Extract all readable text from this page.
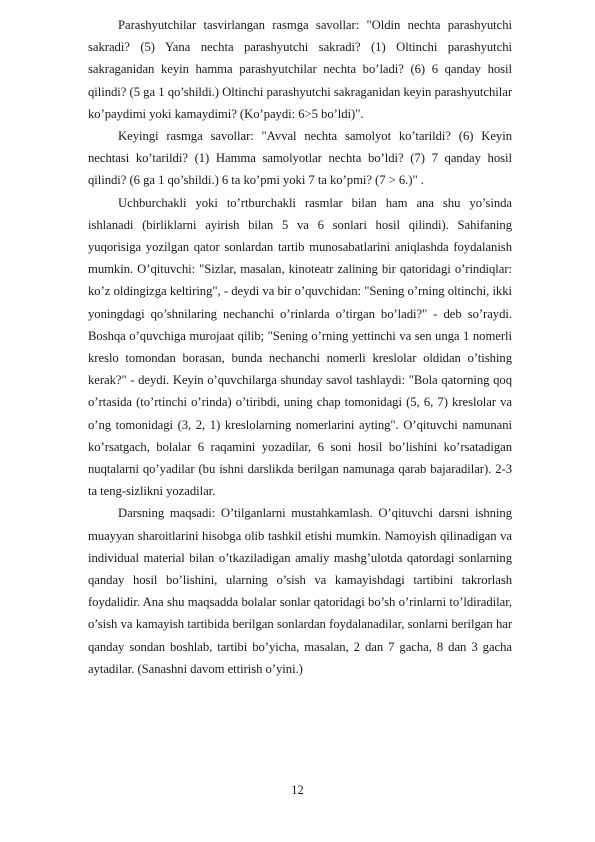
Parashyutchilar tasvirlangan rasmga savollar: "Oldin nechta parashyutchi sakradi? (5) Yana nechta parashyutchi sakradi? (1) Oltinchi parashyutchi sakraganidan keyin hamma parashyutchilar nechta bo’ladi? (6) 6 qanday hosil qilindi? (5 ga 1 qo’shildi.) Oltinchi parashyutchi sakraganidan keyin parashyutchilar ko’paydimi yoki kamaydimi? (Ko’paydi: 6>5 bo’ldi)".

Keyingi rasmga savollar: "Avval nechta samolyot ko’tarildi? (6) Keyin nechtasi ko’tarildi? (1) Hamma samolyotlar nechta bo’ldi? (7) 7 qanday hosil qilindi? (6 ga 1 qo’shildi.) 6 ta ko’pmi yoki 7 ta ko’pmi? (7 > 6.)" .

Uchburchakli yoki to’rtburchakli rasmlar bilan ham ana shu yo’sinda ishlanadi (birliklarni ayirish bilan 5 va 6 sonlari hosil qilindi). Sahifaning yuqorisiga yozilgan qator sonlardan tartib munosabatlarini aniqlashda foydalanish mumkin. O’qituvchi: "Sizlar, masalan, kinoteatr zalining bir qatoridagi o’rindiqlar: ko’z oldingizga keltiring", - deydi va bir o’quvchidan: "Sening o’rning oltinchi, ikki yoningdagi qo’shnilaring nechanchi o’rinlarda o’tirgan bo’ladi?" - deb so’raydi. Boshqa o’quvchiga murojaat qilib; "Sening o’rning yettinchi va sen unga 1 nomerli kreslo tomondan borasan, bunda nechanchi nomerli kreslolar oldidan o’tishing kerak?" - deydi. Keyin o’quvchilarga shunday savol tashlaydi: "Bola qatorning qoq o’rtasida (to’rtinchi o’rinda) o’tiribdi, uning chap tomonidagi (5, 6, 7) kreslolar va o’ng tomonidagi (3, 2, 1) kreslolarning nomerlarini ayting". O’qituvchi namunani ko’rsatgach, bolalar 6 raqamini yozadilar, 6 soni hosil bo’lishini ko’rsatadigan nuqtalarni qo’yadilar (bu ishni darslikda berilgan namunaga qarab bajaradilar). 2-3 ta teng-sizlikni yozadilar.

Darsning maqsadi: O’tilganlarni mustahkamlash. O’qituvchi darsni ishning muayyan sharoitlarini hisobga olib tashkil etishi mumkin. Namoyish qilinadigan va individual material bilan o’tkaziladigan amaliy mashg’ulotda qatordagi sonlarning qanday hosil bo’lishini, ularning o’sish va kamayishdagi tartibini takrorlash foydalidir. Ana shu maqsadda bolalar sonlar qatoridagi bo’sh o’rinlarni to’ldiradilar, o’sish va kamayish tartibida berilgan sonlardan foydalanadilar, sonlarni berilgan har qanday sondan boshlab, tartibi bo’yicha, masalan, 2 dan 7 gacha, 8 dan 3 gacha aytadilar. (Sanashni davom ettirish o’yini.)

12
